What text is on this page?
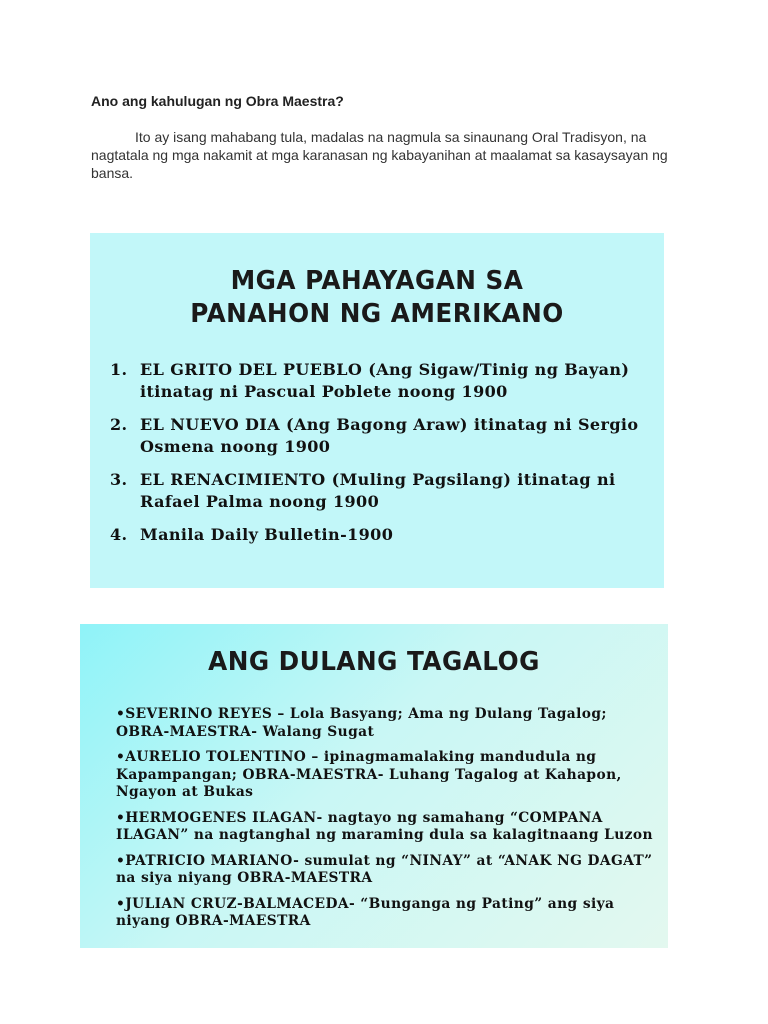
Ano ang kahulugan ng Obra Maestra?
Ito ay isang mahabang tula, madalas na nagmula sa sinaunang Oral Tradisyon, na nagtatala ng mga nakamit at mga karanasan ng kabayanihan at maalamat sa kasaysayan ng bansa.
MGA PAHAYAGAN SA
PANAHON NG AMERIKANO
1. EL GRITO DEL PUEBLO (Ang Sigaw/Tinig ng Bayan) itinatag ni Pascual Poblete noong 1900
2. EL NUEVO DIA (Ang Bagong Araw) itinatag ni Sergio Osmena noong 1900
3. EL RENACIMIENTO (Muling Pagsilang) itinatag ni Rafael Palma noong 1900
4. Manila Daily Bulletin-1900
ANG DULANG TAGALOG
•SEVERINO REYES – Lola Basyang; Ama ng Dulang Tagalog; OBRA-MAESTRA- Walang Sugat
•AURELIO TOLENTINO – ipinagmamalaking mandudula ng Kapampangan; OBRA-MAESTRA- Luhang Tagalog at Kahapon, Ngayon at Bukas
•HERMOGENES ILAGAN- nagtayo ng samahang “COMPANA ILAGAN” na nagtanghal ng maraming dula sa kalagitnaang Luzon
•PATRICIO MARIANO- sumulat ng “NINAY” at “ANAK NG DAGAT” na siya niyang OBRA-MAESTRA
•JULIAN CRUZ-BALMACEDA- “Bunganga ng Pating” ang siya niyang OBRA-MAESTRA
